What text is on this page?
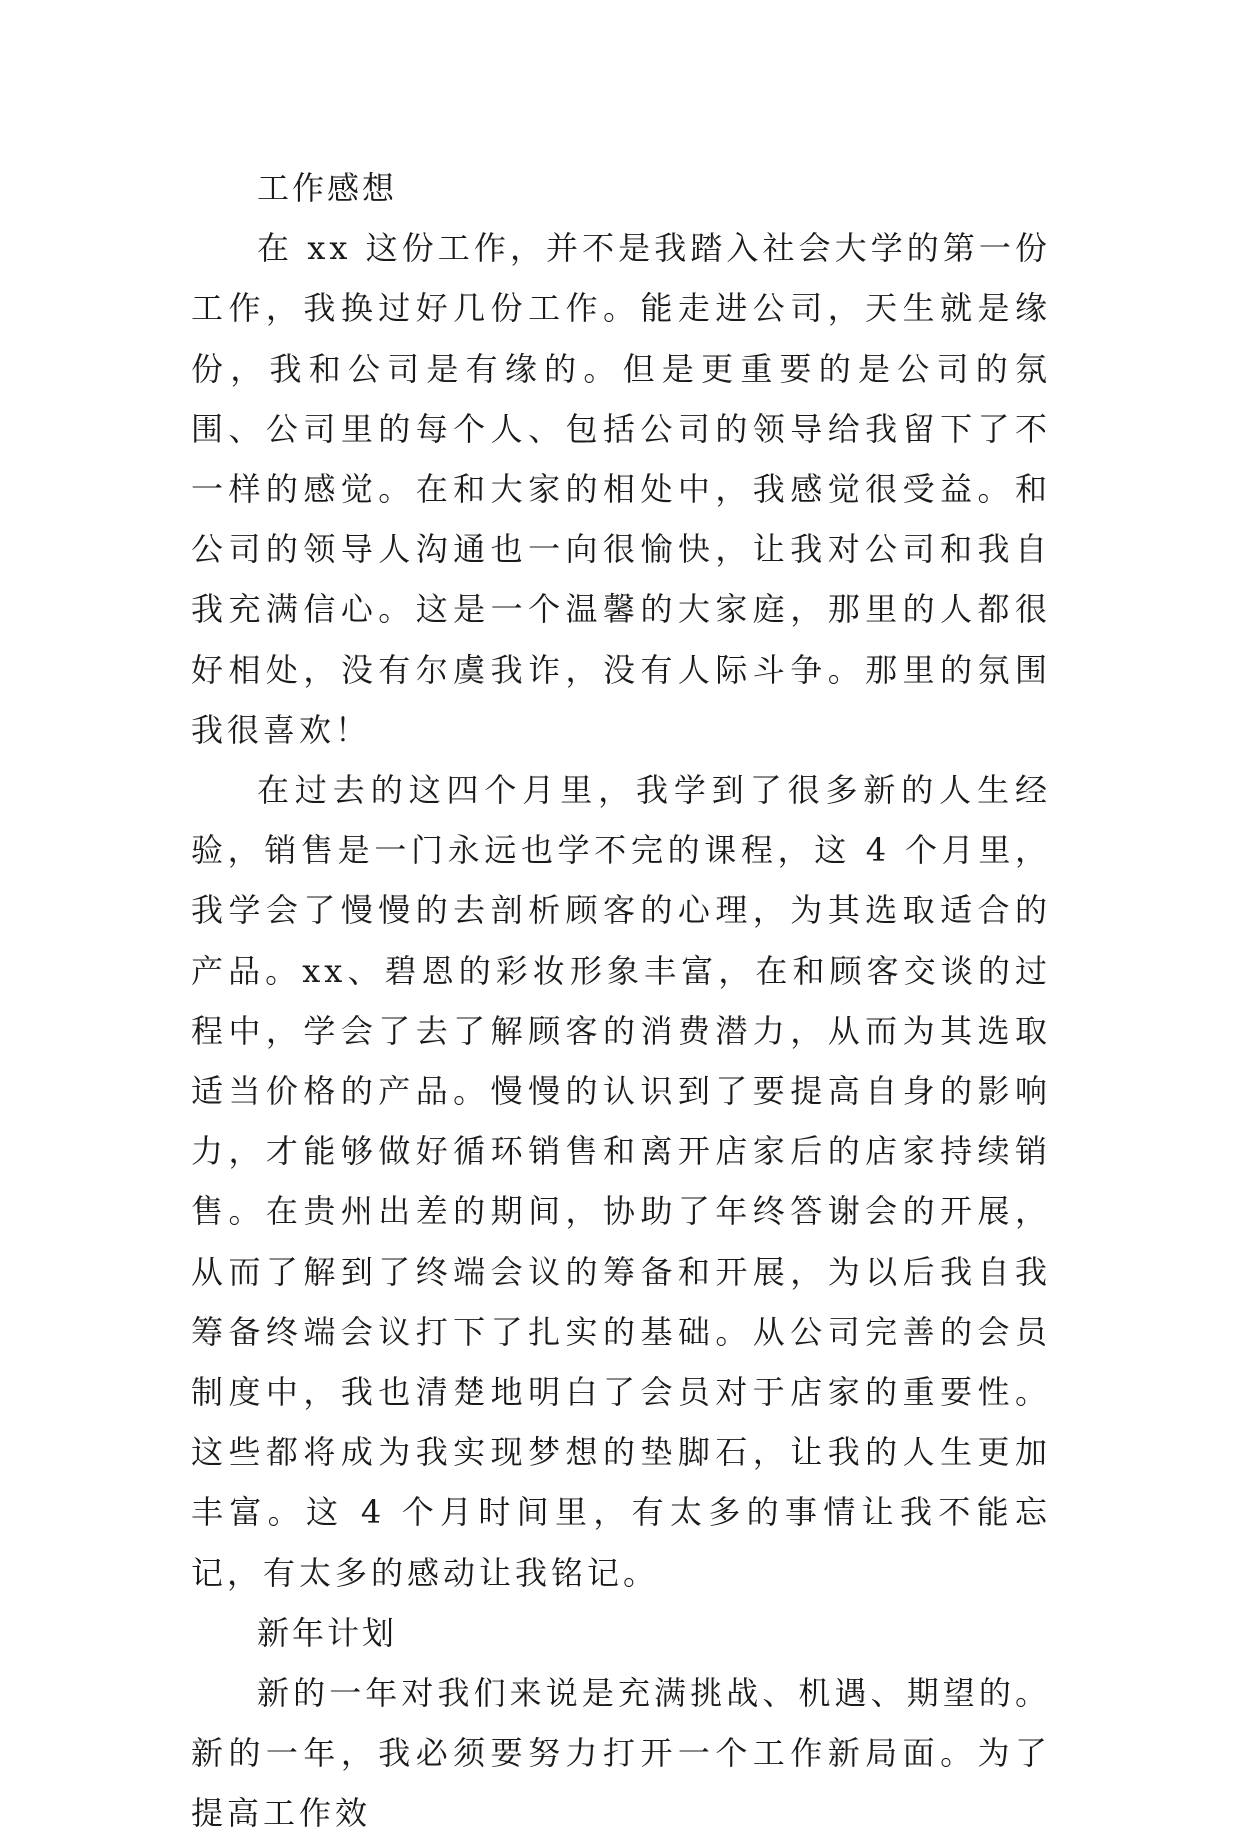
工作感想

在 xx 这份工作，并不是我踏入社会大学的第一份工作，我换过好几份工作。能走进公司，天生就是缘份，我和公司是有缘的。但是更重要的是公司的氛围、公司里的每个人、包括公司的领导给我留下了不一样的感觉。在和大家的相处中，我感觉很受益。和公司的领导人沟通也一向很愉快，让我对公司和我自我充满信心。这是一个温馨的大家庭，那里的人都很好相处，没有尔虞我诈，没有人际斗争。那里的氛围我很喜欢！

在过去的这四个月里，我学到了很多新的人生经验，销售是一门永远也学不完的课程，这 4 个月里，我学会了慢慢的去剖析顾客的心理，为其选取适合的产品。xx、碧恩的彩妆形象丰富，在和顾客交谈的过程中，学会了去了解顾客的消费潜力，从而为其选取适当价格的产品。慢慢的认识到了要提高自身的影响力，才能够做好循环销售和离开店家后的店家持续销售。在贵州出差的期间，协助了年终答谢会的开展，从而了解到了终端会议的筹备和开展，为以后我自我筹备终端会议打下了扎实的基础。从公司完善的会员制度中，我也清楚地明白了会员对于店家的重要性。这些都将成为我实现梦想的垫脚石，让我的人生更加丰富。这 4 个月时间里，有太多的事情让我不能忘记，有太多的感动让我铭记。

新年计划

新的一年对我们来说是充满挑战、机遇、期望的。新的一年，我必须要努力打开一个工作新局面。为了提高工作效
